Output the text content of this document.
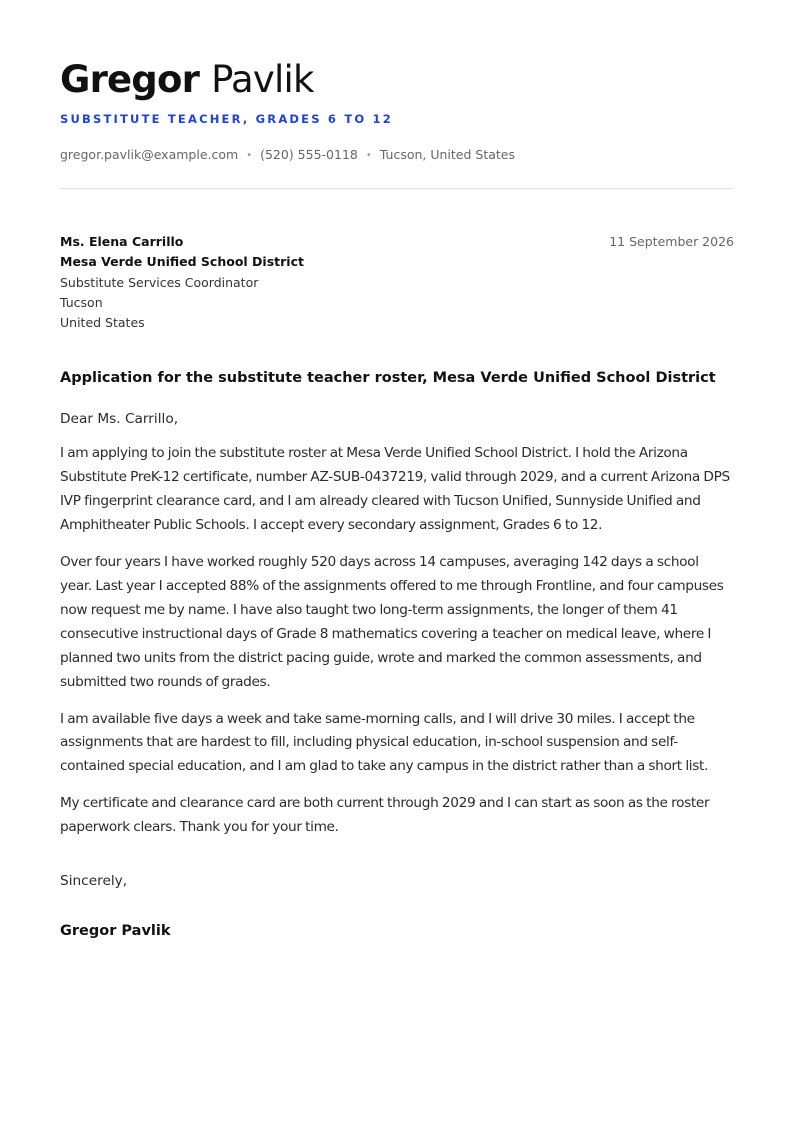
Gregor Pavlik
SUBSTITUTE TEACHER, GRADES 6 TO 12
gregor.pavlik@example.com • (520) 555-0118 • Tucson, United States
11 September 2026
Ms. Elena Carrillo
Mesa Verde Unified School District
Substitute Services Coordinator
Tucson
United States
Application for the substitute teacher roster, Mesa Verde Unified School District
Dear Ms. Carrillo,
I am applying to join the substitute roster at Mesa Verde Unified School District. I hold the Arizona Substitute PreK-12 certificate, number AZ-SUB-0437219, valid through 2029, and a current Arizona DPS IVP fingerprint clearance card, and I am already cleared with Tucson Unified, Sunnyside Unified and Amphitheater Public Schools. I accept every secondary assignment, Grades 6 to 12.
Over four years I have worked roughly 520 days across 14 campuses, averaging 142 days a school year. Last year I accepted 88% of the assignments offered to me through Frontline, and four campuses now request me by name. I have also taught two long-term assignments, the longer of them 41 consecutive instructional days of Grade 8 mathematics covering a teacher on medical leave, where I planned two units from the district pacing guide, wrote and marked the common assessments, and submitted two rounds of grades.
I am available five days a week and take same-morning calls, and I will drive 30 miles. I accept the assignments that are hardest to fill, including physical education, in-school suspension and self-contained special education, and I am glad to take any campus in the district rather than a short list.
My certificate and clearance card are both current through 2029 and I can start as soon as the roster paperwork clears. Thank you for your time.
Sincerely,
Gregor Pavlik
